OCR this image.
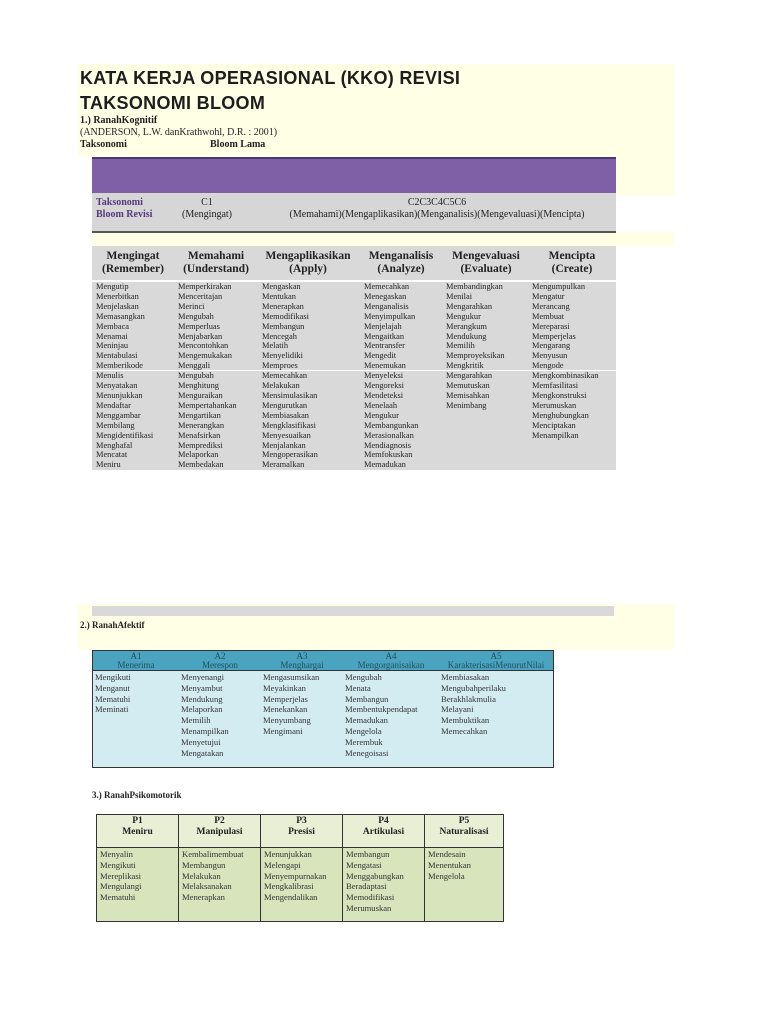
KATA KERJA OPERASIONAL (KKO) REVISI
TAKSONOMI BLOOM
1.) RanahKognitif
(ANDERSON, L.W. danKrathwohl, D.R. : 2001)
Taksonomi	Bloom Lama
Taksonomi
Bloom Revisi
C1
(Mengingat)
C2C3C4C5C6
(Memahami)(Mengaplikasikan)(Menganalisis)(Mengevaluasi)(Mencipta)
Mengingat
(Remember)
Mengutip
Menerbitkan
Menjelaskan
Memasangkan
Membaca
Menamai
Meninjau
Mentabulasi
Memberikode
Menulis
Menyatakan
Menunjukkan
Mendaftar
Menggambar
Membilang
Mengidentifikasi
Menghafal
Mencatat
Meniru
Memahami
(Understand)
Memperkirakan
Menceritajan
Merinci
Mengubah
Memperluas
Menjabarkan
Mencontohkan
Mengemukakan
Menggali
Mengubah
Menghitung
Menguraikan
Mempertahankan
Mengartikan
Menerangkan
Menafsirkan
Memprediksi
Melaporkan
Membedakan
Mengaplikasikan
(Apply)
Mengaskan
Mentukan
Menerapkan
Memodifikasi
Membangun
Mencegah
Melatih
Menyelidiki
Memproes
Memecahkan
Melakukan
Mensimulasikan
Mengurutkan
Membiasakan
Mengklasifikasi
Menyesuaikan
Menjalankan
Mengoperasikan
Meramalkan
Menganalisis
(Analyze)
Memecahkan
Menegaskan
Menganalisis
Menyimpulkan
Menjelajah
Mengaitkan
Mentransfer
Mengedit
Menemukan
Menyeleksi
Mengoreksi
Mendeteksi
Menelaah
Mengukur
Membangunkan
Merasionalkan
Mendiagnosis
Memfokuskan
Memadukan
Mengevaluasi
(Evaluate)
Membandingkan
Menilai
Mengarahkan
Mengukur
Merangkum
Mendukung
Memilih
Memproyeksikan
Mengkritik
Mengarahkan
Memutuskan
Memisahkan
Menimbang
Mencipta
(Create)
Mengumpulkan
Mengatur
Merancang
Membuat
Mereparasi
Memperjelas
Mengarang
Menyusun
Mengode
Mengkombinasikan
Memfasilitasi
Mengkonstruksi
Merumuskan
Menghubungkan
Menciptakan
Menampilkan
2.) RanahAfektif
A1
Menerima
Mengikuti
Menganut
Mematuhi
Meminati
A2
Merespon
Menyenangi
Menyambut
Mendukung
Melaporkan
Memilih
Menampilkan
Menyetujui
Mengatakan
A3
Menghargai
Mengasumsikan
Meyakinkan
Memperjelas
Menekankan
Menyumbang
Mengimani
A4
Mengorganisaikan
Mengubah
Menata
Membangun
Membentukpendapat
Memadukan
Mengelola
Merembuk
Menegoisasi
A5
KarakterisasiMenurutNilai
Membiasakan
Mengubahperilaku
Berakhlakmulia
Melayani
Membuktikan
Memecahkan
3.) RanahPsikomotorik
P1
Meniru
Menyalin
Mengikuti
Mereplikasi
Mengulangi
Mematuhi
P2
Manipulasi
Kembalimembuat
Membangun
Melakukan
Melaksanakan
Menerapkan
P3
Presisi
Menunjukkan
Melengapi
Menyempurnakan
Mengkalibrasi
Mengendalikan
P4
Artikulasi
Membangun
Mengatasi
Menggabungkan
Beradaptasi
Memodifikasi
Merumuskan
P5
Naturalisasi
Mendesain
Menentukan
Mengelola
